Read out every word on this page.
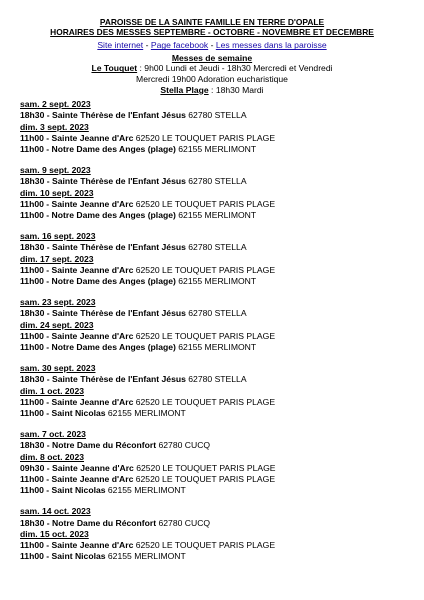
PAROISSE DE LA SAINTE FAMILLE EN TERRE D'OPALE
HORAIRES DES MESSES SEPTEMBRE - OCTOBRE - NOVEMBRE ET DECEMBRE
Site internet - Page facebook - Les messes dans la paroisse
Messes de semaine
Le Touquet : 9h00 Lundi et Jeudi - 18h30 Mercredi et Vendredi
Mercredi 19h00 Adoration eucharistique
Stella Plage : 18h30 Mardi
sam. 2 sept. 2023
18h30 - Sainte Thérèse de l'Enfant Jésus 62780 STELLA
dim. 3 sept. 2023
11h00 - Sainte Jeanne d'Arc 62520 LE TOUQUET PARIS PLAGE
11h00 - Notre Dame des Anges (plage) 62155 MERLIMONT
sam. 9 sept. 2023
18h30 - Sainte Thérèse de l'Enfant Jésus 62780 STELLA
dim. 10 sept. 2023
11h00 - Sainte Jeanne d'Arc 62520 LE TOUQUET PARIS PLAGE
11h00 - Notre Dame des Anges (plage) 62155 MERLIMONT
sam. 16 sept. 2023
18h30 - Sainte Thérèse de l'Enfant Jésus 62780 STELLA
dim. 17 sept. 2023
11h00 - Sainte Jeanne d'Arc 62520 LE TOUQUET PARIS PLAGE
11h00 - Notre Dame des Anges (plage) 62155 MERLIMONT
sam. 23 sept. 2023
18h30 - Sainte Thérèse de l'Enfant Jésus 62780 STELLA
dim. 24 sept. 2023
11h00 - Sainte Jeanne d'Arc 62520 LE TOUQUET PARIS PLAGE
11h00 - Notre Dame des Anges (plage) 62155 MERLIMONT
sam. 30 sept. 2023
18h30 - Sainte Thérèse de l'Enfant Jésus 62780 STELLA
dim. 1 oct. 2023
11h00 - Sainte Jeanne d'Arc 62520 LE TOUQUET PARIS PLAGE
11h00 - Saint Nicolas 62155 MERLIMONT
sam. 7 oct. 2023
18h30 - Notre Dame du Réconfort 62780 CUCQ
dim. 8 oct. 2023
09h30 - Sainte Jeanne d'Arc 62520 LE TOUQUET PARIS PLAGE
11h00 - Sainte Jeanne d'Arc 62520 LE TOUQUET PARIS PLAGE
11h00 - Saint Nicolas 62155 MERLIMONT
sam. 14 oct. 2023
18h30 - Notre Dame du Réconfort 62780 CUCQ
dim. 15 oct. 2023
11h00 - Sainte Jeanne d'Arc 62520 LE TOUQUET PARIS PLAGE
11h00 - Saint Nicolas 62155 MERLIMONT
